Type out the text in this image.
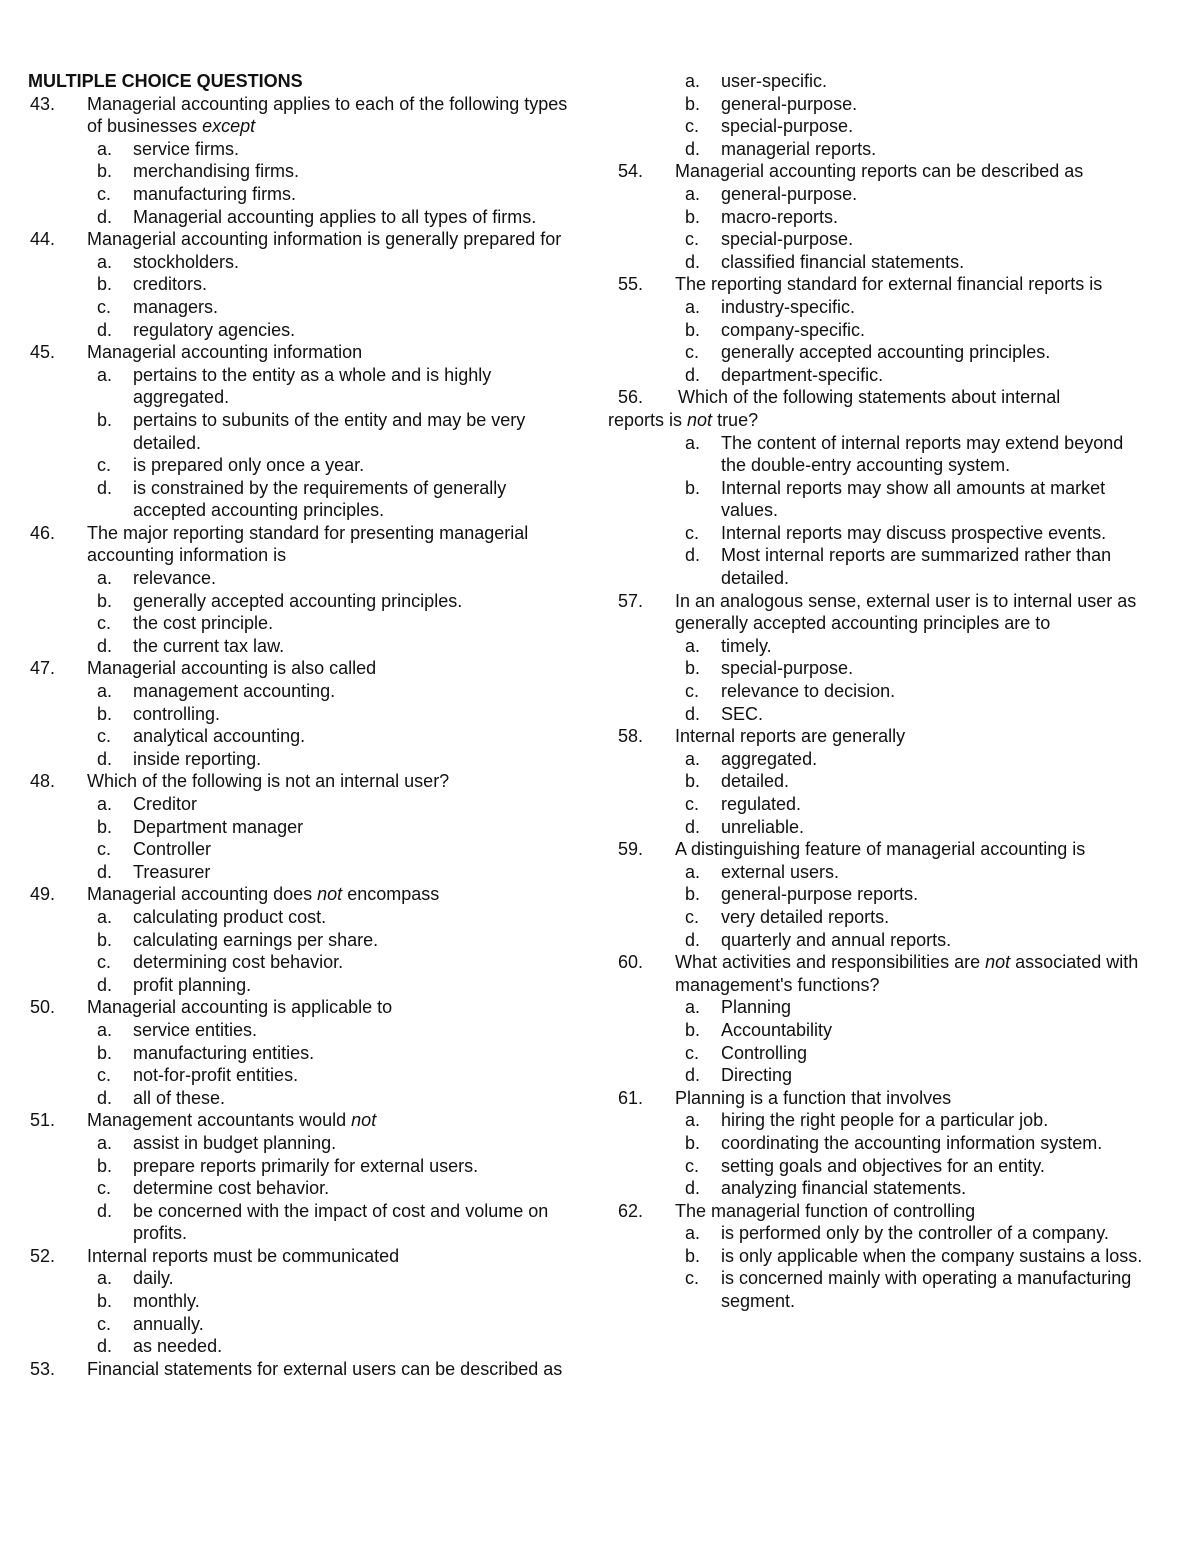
MULTIPLE CHOICE QUESTIONS
43.	Managerial accounting applies to each of the following types of businesses except
a.	service firms.
b.	merchandising firms.
c.	manufacturing firms.
d.	Managerial accounting applies to all types of firms.
44.	Managerial accounting information is generally prepared for
a.	stockholders.
b.	creditors.
c.	managers.
d.	regulatory agencies.
45.	Managerial accounting information
a.	pertains to the entity as a whole and is highly aggregated.
b.	pertains to subunits of the entity and may be very detailed.
c.	is prepared only once a year.
d.	is constrained by the requirements of generally accepted accounting principles.
46.	The major reporting standard for presenting managerial accounting information is
a.	relevance.
b.	generally accepted accounting principles.
c.	the cost principle.
d.	the current tax law.
47.	Managerial accounting is also called
a.	management accounting.
b.	controlling.
c.	analytical accounting.
d.	inside reporting.
48.	Which of the following is not an internal user?
a.	Creditor
b.	Department manager
c.	Controller
d.	Treasurer
49.	Managerial accounting does not encompass
a.	calculating product cost.
b.	calculating earnings per share.
c.	determining cost behavior.
d.	profit planning.
50.	Managerial accounting is applicable to
a.	service entities.
b.	manufacturing entities.
c.	not-for-profit entities.
d.	all of these.
51.	Management accountants would not
a.	assist in budget planning.
b.	prepare reports primarily for external users.
c.	determine cost behavior.
d.	be concerned with the impact of cost and volume on profits.
52.	Internal reports must be communicated
a.	daily.
b.	monthly.
c.	annually.
d.	as needed.
53.	Financial statements for external users can be described as
a.	user-specific.
b.	general-purpose.
c.	special-purpose.
d.	managerial reports.
54.	Managerial accounting reports can be described as
a.	general-purpose.
b.	macro-reports.
c.	special-purpose.
d.	classified financial statements.
55.	The reporting standard for external financial reports is
a.	industry-specific.
b.	company-specific.
c.	generally accepted accounting principles.
d.	department-specific.
56. Which of the following statements about internal
reports is not true?
a.	The content of internal reports may extend beyond the double-entry accounting system.
b.	Internal reports may show all amounts at market values.
c.	Internal reports may discuss prospective events.
d.	Most internal reports are summarized rather than detailed.
57.	In an analogous sense, external user is to internal user as generally accepted accounting principles are to
a.	timely.
b.	special-purpose.
c.	relevance to decision.
d.	SEC.
58.	Internal reports are generally
a.	aggregated.
b.	detailed.
c.	regulated.
d.	unreliable.
59.	A distinguishing feature of managerial accounting is
a.	external users.
b.	general-purpose reports.
c.	very detailed reports.
d.	quarterly and annual reports.
60.	What activities and responsibilities are not associated with management's functions?
a.	Planning
b.	Accountability
c.	Controlling
d.	Directing
61.	Planning is a function that involves
a.	hiring the right people for a particular job.
b.	coordinating the accounting information system.
c.	setting goals and objectives for an entity.
d.	analyzing financial statements.
62.	The managerial function of controlling
a.	is performed only by the controller of a company.
b.	is only applicable when the company sustains a loss.
c.	is concerned mainly with operating a manufacturing segment.
